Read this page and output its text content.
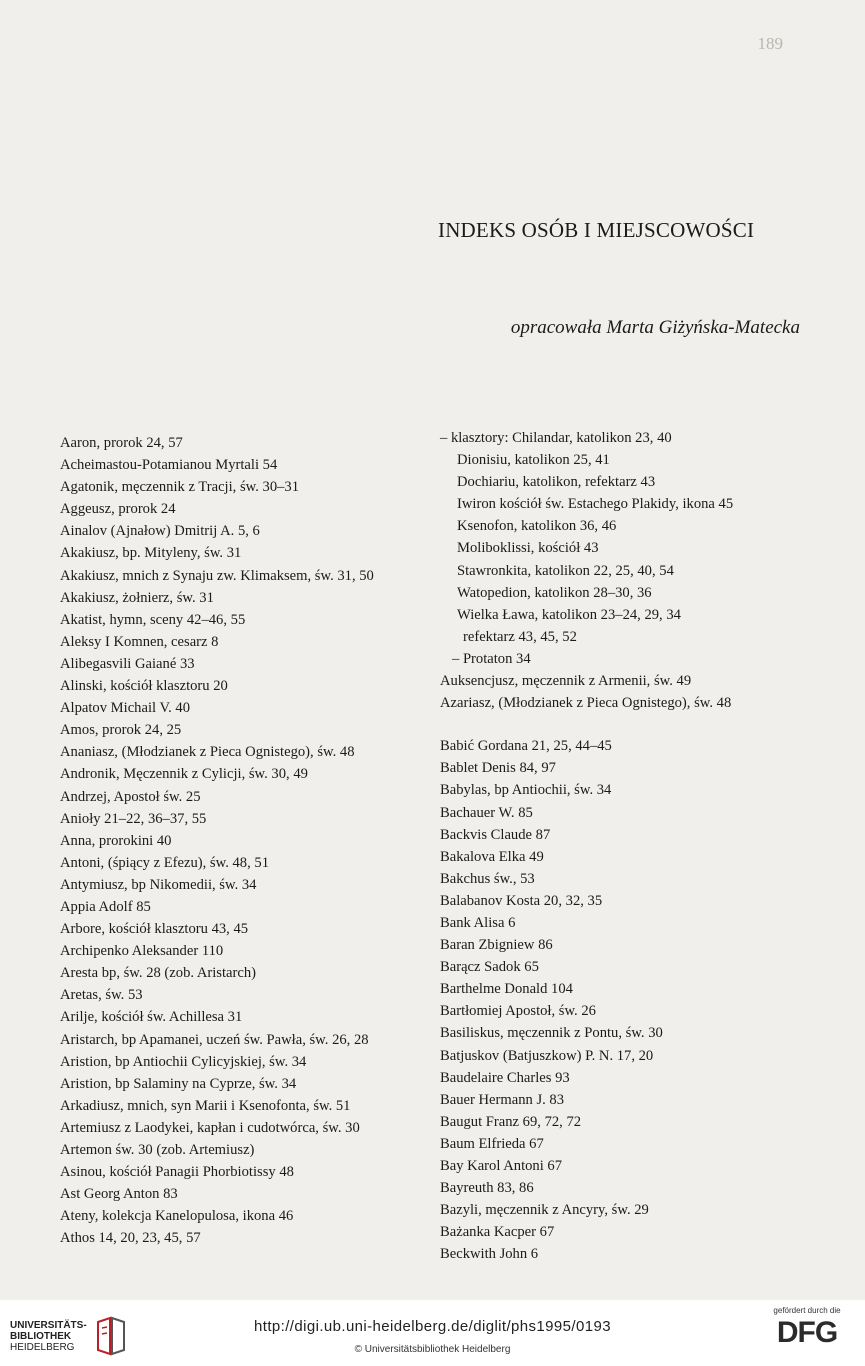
189
INDEKS OSÓB I MIEJSCOWOŚCI
opracowała Marta Giżyńska-Matecka
Aaron, prorok 24, 57
Acheimastou-Potamianou Myrtali 54
Agatonik, męczennik z Tracji, św. 30–31
Aggeusz, prorok 24
Ainalov (Ajnałow) Dmitrij A. 5, 6
Akakiusz, bp. Mityleny, św. 31
Akakiusz, mnich z Synaju zw. Klimaksem, św. 31, 50
Akakiusz, żołnierz, św. 31
Akatist, hymn, sceny 42–46, 55
Aleksy I Komnen, cesarz 8
Alibegasvili Gaiané 33
Alinski, kościół klasztoru 20
Alpatov Michail V. 40
Amos, prorok 24, 25
Ananiasz, (Młodzianek z Pieca Ognistego), św. 48
Andronik, Męczennik z Cylicji, św. 30, 49
Andrzej, Apostoł św. 25
Anioły 21–22, 36–37, 55
Anna, prorokini 40
Antoni, (śpiący z Efezu), św. 48, 51
Antymiusz, bp Nikomedii, św. 34
Appia Adolf 85
Arbore, kościół klasztoru 43, 45
Archipenko Aleksander 110
Aresta bp, św. 28 (zob. Aristarch)
Aretas, św. 53
Arilje, kościół św. Achillesa 31
Aristarch, bp Apamanei, uczeń św. Pawła, św. 26, 28
Aristion, bp Antiochii Cylicyjskiej, św. 34
Aristion, bp Salaminy na Cyprze, św. 34
Arkadiusz, mnich, syn Marii i Ksenofonta, św. 51
Artemiusz z Laodykei, kapłan i cudotwórca, św. 30
Artemon św. 30 (zob. Artemiusz)
Asinou, kościół Panagii Phorbiotissy 48
Ast Georg Anton 83
Ateny, kolekcja Kanelopulosa, ikona 46
Athos 14, 20, 23, 45, 57
– klasztory: Chilandar, katolikon 23, 40
Dionisiu, katolikon 25, 41
Dochiariu, katolikon, refektarz 43
Iwiron kościół św. Estachego Plakidy, ikona 45
Ksenofon, katolikon 36, 46
Moliboklissi, kościół 43
Stawronkita, katolikon 22, 25, 40, 54
Watopedion, katolikon 28–30, 36
Wielka Ława, katolikon 23–24, 29, 34
refektarz 43, 45, 52
– Protaton 34
Auksencjusz, męczennik z Armenii, św. 49
Azariasz, (Młodzianek z Pieca Ognistego), św. 48
Babić Gordana 21, 25, 44–45
Bablet Denis 84, 97
Babylas, bp Antiochii, św. 34
Bachauer W. 85
Backvis Claude 87
Bakalova Elka 49
Bakchus św., 53
Balabanov Kosta 20, 32, 35
Bank Alisa 6
Baran Zbigniew 86
Barącz Sadok 65
Barthelme Donald 104
Bartłomiej Apostoł, św. 26
Basiliskus, męczennik z Pontu, św. 30
Batjuskov (Batjuszkow) P. N. 17, 20
Baudelaire Charles 93
Bauer Hermann J. 83
Baugut Franz 69, 72, 72
Baum Elfrieda 67
Bay Karol Antoni 67
Bayreuth 83, 86
Bazyli, męczennik z Ancyry, św. 29
Bażanka Kacper 67
Beckwith John 6
UNIVERSITÄTS-
BIBLIOTHEK
HEIDELBERG
http://digi.ub.uni-heidelberg.de/diglit/phs1995/0193
© Universitätsbibliothek Heidelberg
gefördert durch die
DFG
